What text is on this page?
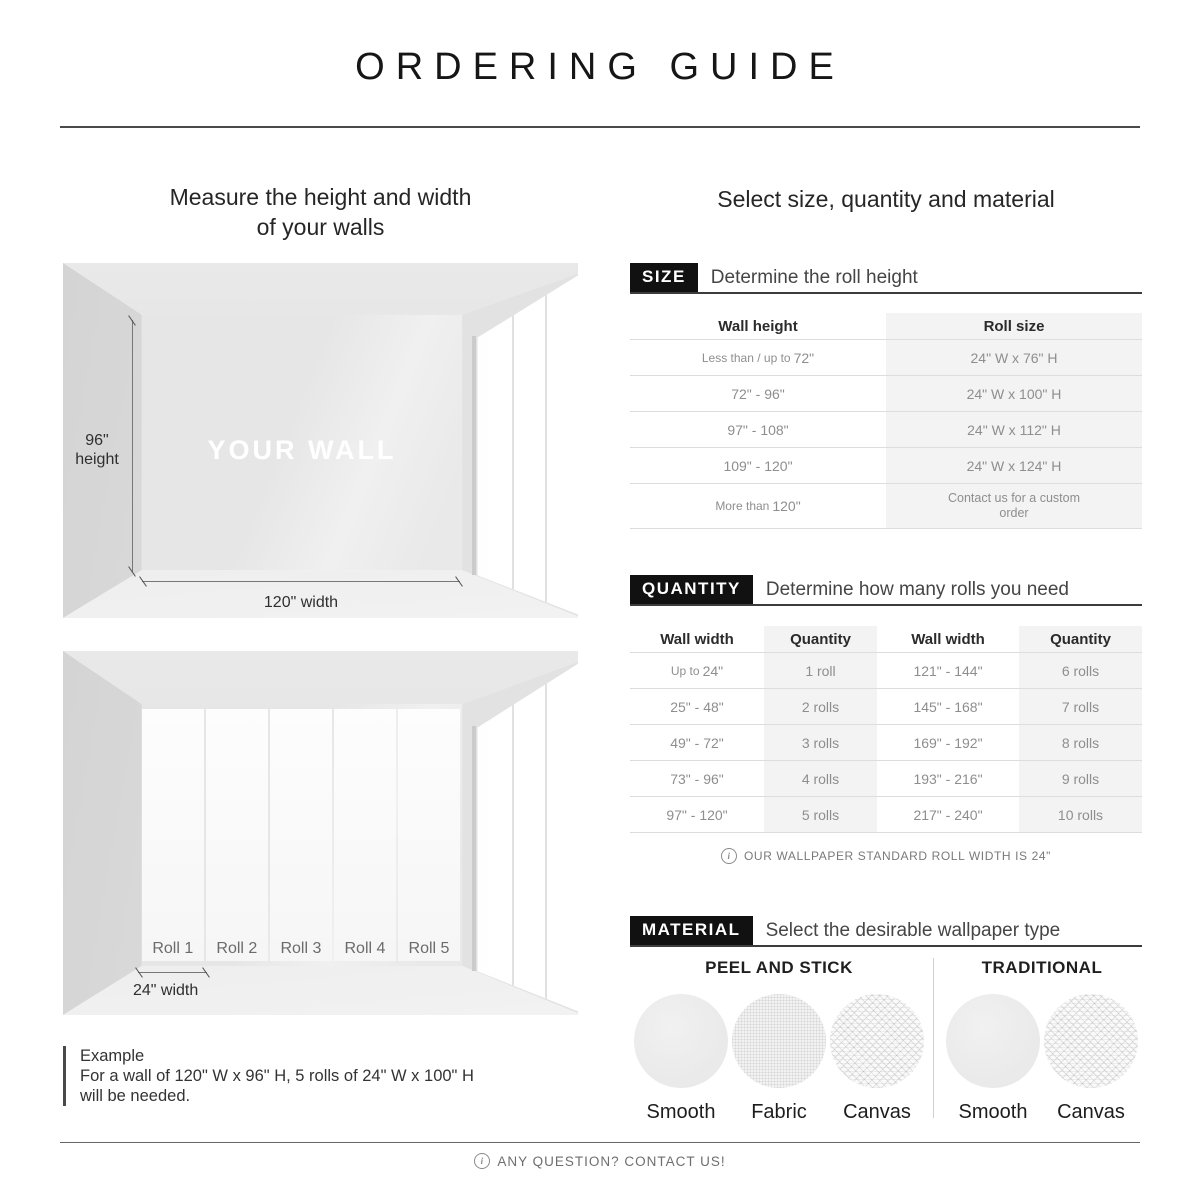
ORDERING GUIDE
Measure the height and width
of your walls
YOUR WALL
96"
height
120" width
Roll 1	Roll 2	Roll 3	Roll 4	Roll 5
24" width
Example
For a wall of 120" W x 96" H, 5 rolls of 24" W x 100" H
will be needed.
Select size, quantity and material
SIZE	Determine the roll height
Wall height	Roll size
Less than / up to 72"	24" W x 76" H
72" - 96"	24" W x 100" H
97" - 108"	24" W x 112" H
109" - 120"	24" W x 124" H
More than 120"	Contact us for a custom order
QUANTITY	Determine how many rolls you need
Wall width	Quantity	Wall width	Quantity
Up to 24"	1 roll	121" - 144"	6 rolls
25" - 48"	2 rolls	145" - 168"	7 rolls
49" - 72"	3 rolls	169" - 192"	8 rolls
73" - 96"	4 rolls	193" - 216"	9 rolls
97" - 120"	5 rolls	217" - 240"	10 rolls
i	OUR WALLPAPER STANDARD ROLL WIDTH IS 24"
MATERIAL	Select the desirable wallpaper type
PEEL AND STICK
Smooth	Fabric	Canvas
TRADITIONAL
Smooth	Canvas
i ANY QUESTION? CONTACT US!
